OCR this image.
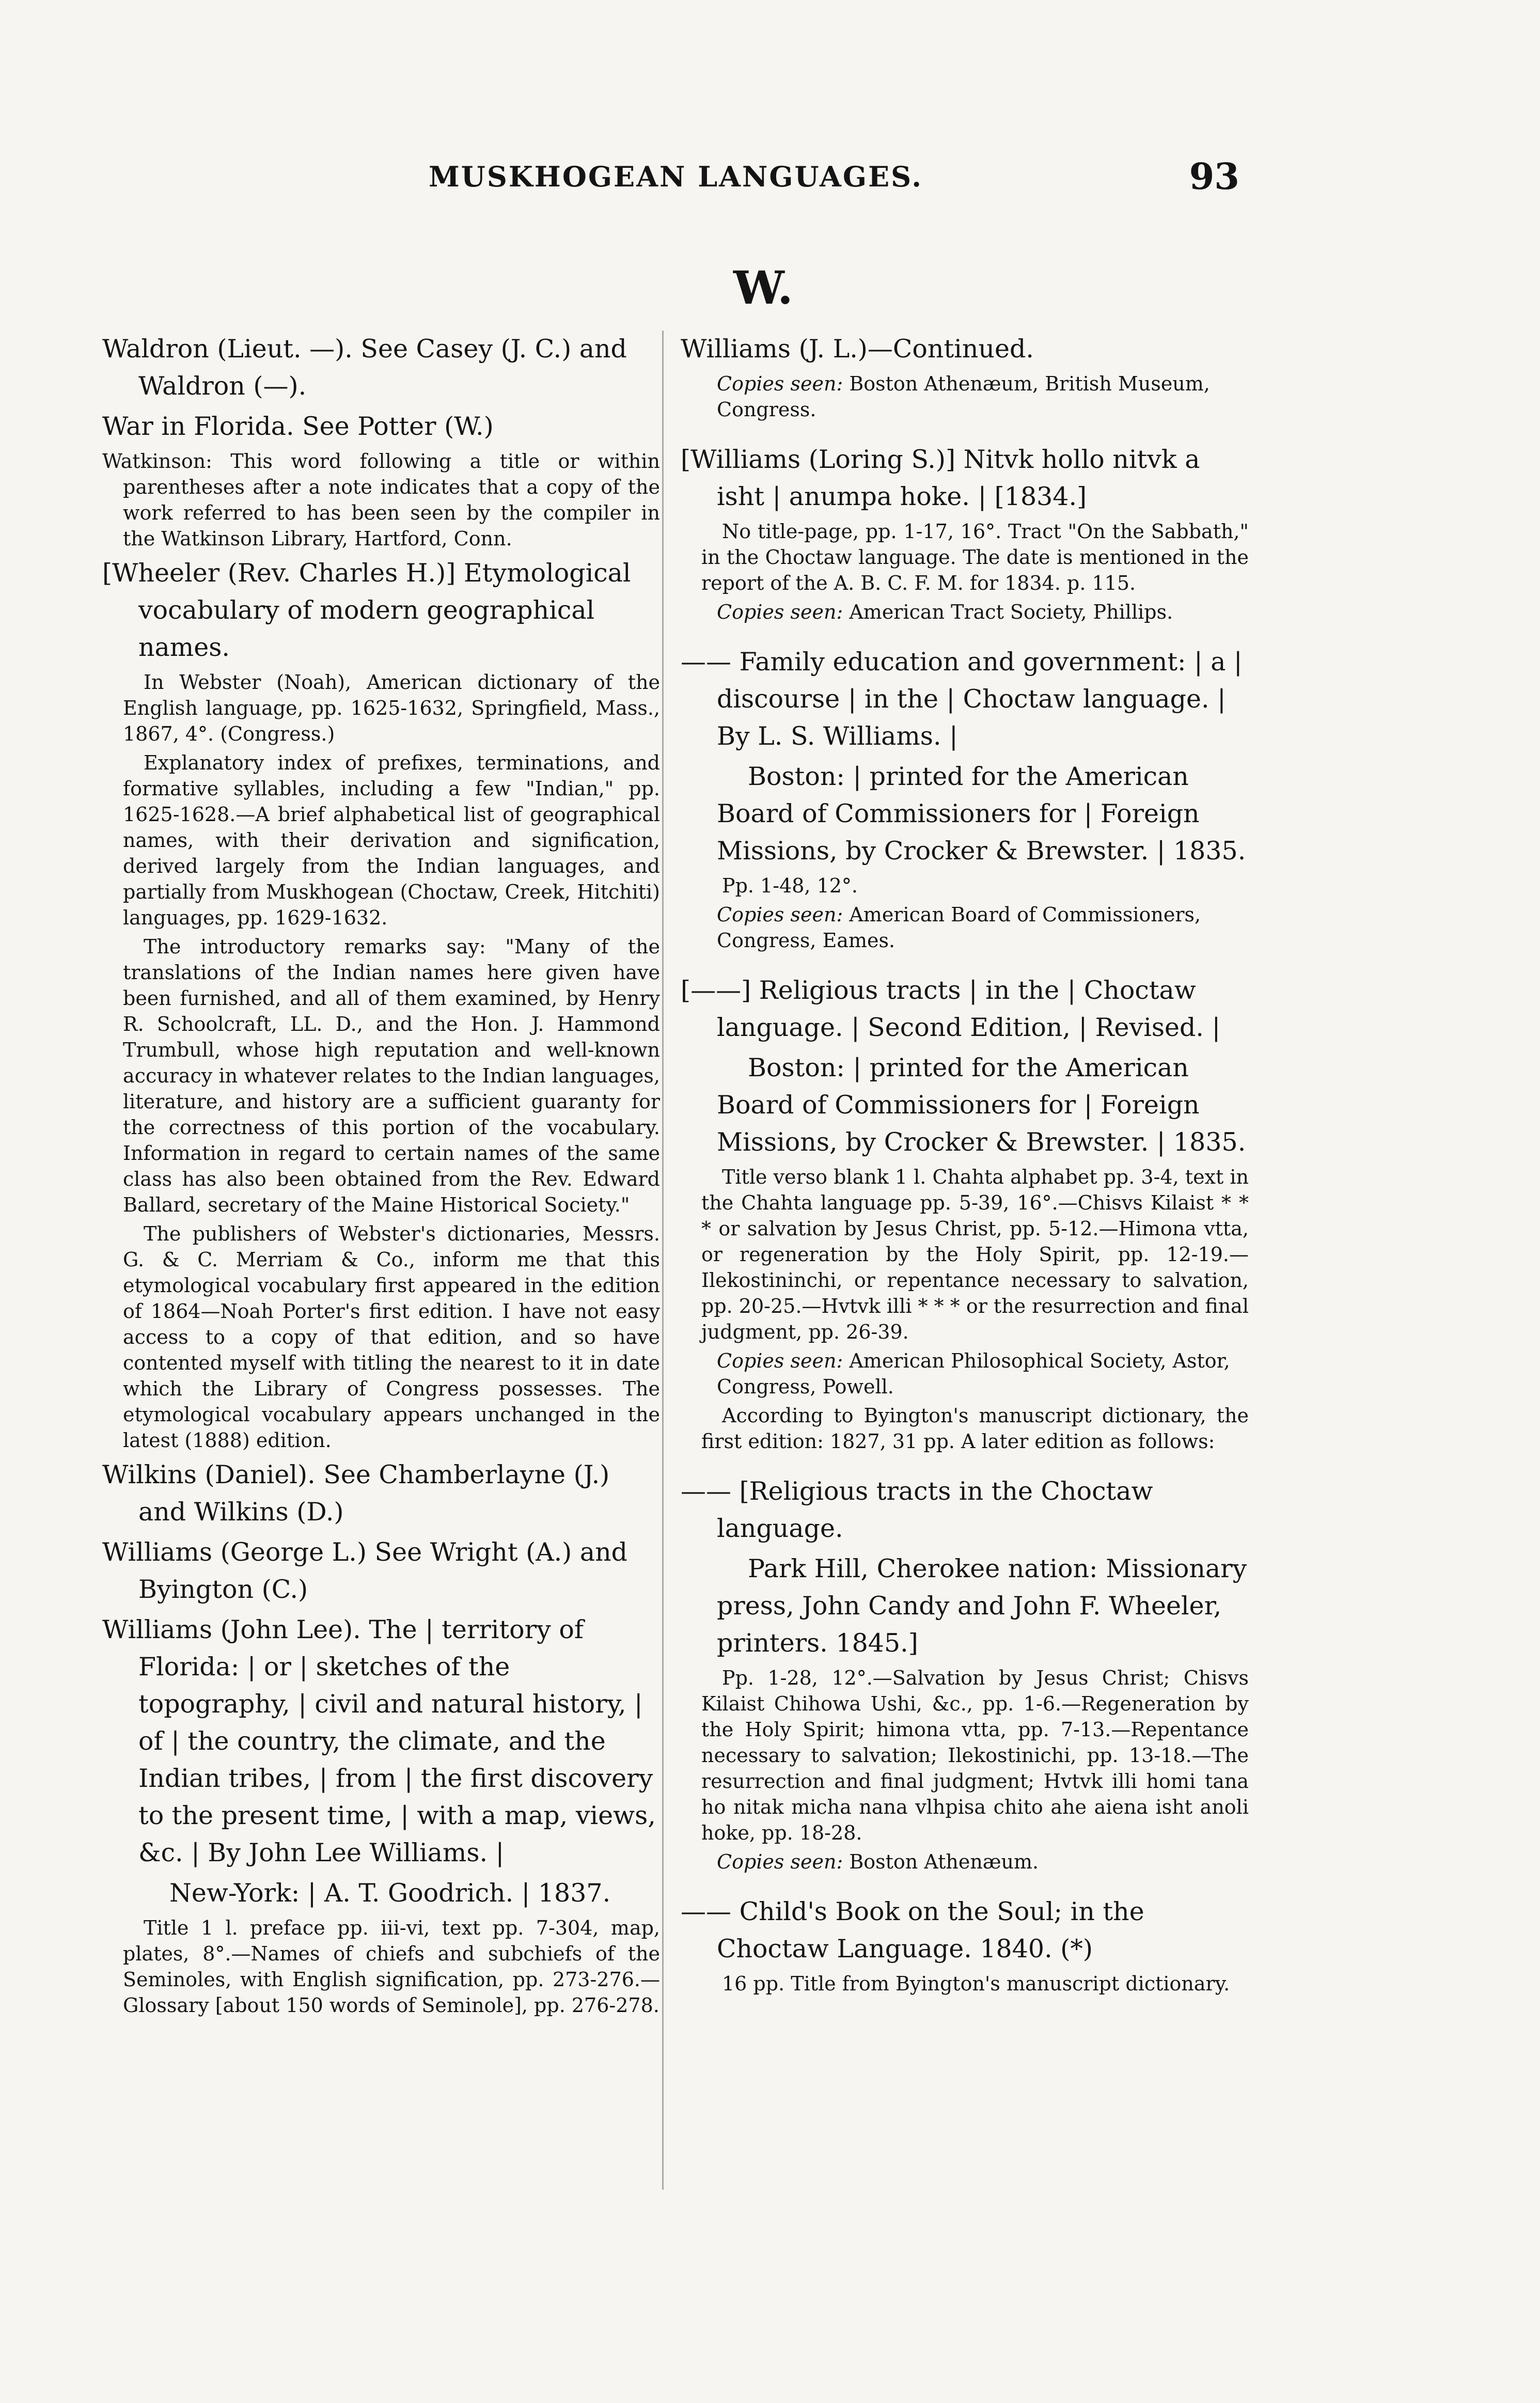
MUSKHOGEAN LANGUAGES.	93
W.
Waldron (Lieut. —). See Casey (J. C.) and Waldron (—).
War in Florida. See Potter (W.)
Watkinson: This word following a title or within parentheses after a note indicates that a copy of the work referred to has been seen by the compiler in the Watkinson Library, Hartford, Conn.
[Wheeler (Rev. Charles H.)] Etymological vocabulary of modern geographical names.
In Webster (Noah), American dictionary of the English language, pp. 1625-1632, Springfield, Mass., 1867, 4°. (Congress.)
Explanatory index of prefixes, terminations, and formative syllables, including a few "Indian," pp. 1625-1628.—A brief alphabetical list of geographical names, with their derivation and signification, derived largely from the Indian languages, and partially from Muskhogean (Choctaw, Creek, Hitchiti) languages, pp. 1629-1632.
The introductory remarks say: "Many of the translations of the Indian names here given have been furnished, and all of them examined, by Henry R. Schoolcraft, LL. D., and the Hon. J. Hammond Trumbull, whose high reputation and well-known accuracy in whatever relates to the Indian languages, literature, and history are a sufficient guaranty for the correctness of this portion of the vocabulary. Information in regard to certain names of the same class has also been obtained from the Rev. Edward Ballard, secretary of the Maine Historical Society."
The publishers of Webster's dictionaries, Messrs. G. & C. Merriam & Co., inform me that this etymological vocabulary first appeared in the edition of 1864—Noah Porter's first edition. I have not easy access to a copy of that edition, and so have contented myself with titling the nearest to it in date which the Library of Congress possesses. The etymological vocabulary appears unchanged in the latest (1888) edition.
Wilkins (Daniel). See Chamberlayne (J.) and Wilkins (D.)
Williams (George L.) See Wright (A.) and Byington (C.)
Williams (John Lee). The | territory of Florida: | or | sketches of the topography, | civil and natural history, | of | the country, the climate, and the Indian tribes, | from | the first discovery to the present time, | with a map, views, &c. | By John Lee Williams. |
New-York: | A. T. Goodrich. | 1837.
Title 1 l. preface pp. iii-vi, text pp. 7-304, map, plates, 8°.—Names of chiefs and subchiefs of the Seminoles, with English signification, pp. 273-276.—Glossary [about 150 words of Seminole], pp. 276-278.
Williams (J. L.)—Continued.
Copies seen: Boston Athenæum, British Museum, Congress.
[Williams (Loring S.)] Nitvk hollo nitvk a isht | anumpa hoke. | [1834.]
No title-page, pp. 1-17, 16°. Tract "On the Sabbath," in the Choctaw language. The date is mentioned in the report of the A. B. C. F. M. for 1834. p. 115.
Copies seen: American Tract Society, Phillips.
—— Family education and government: | a | discourse | in the | Choctaw language. | By L. S. Williams. |
Boston: | printed for the American Board of Commissioners for | Foreign Missions, by Crocker & Brewster. | 1835.
Pp. 1-48, 12°.
Copies seen: American Board of Commissioners, Congress, Eames.
[——] Religious tracts | in the | Choctaw language. | Second Edition, | Revised. |
Boston: | printed for the American Board of Commissioners for | Foreign Missions, by Crocker & Brewster. | 1835.
Title verso blank 1 l. Chahta alphabet pp. 3-4, text in the Chahta language pp. 5-39, 16°.—Chisvs Kilaist * * * or salvation by Jesus Christ, pp. 5-12.—Himona vtta, or regeneration by the Holy Spirit, pp. 12-19.—Ilekostininchi, or repentance necessary to salvation, pp. 20-25.—Hvtvk illi * * * or the resurrection and final judgment, pp. 26-39.
Copies seen: American Philosophical Society, Astor, Congress, Powell.
According to Byington's manuscript dictionary, the first edition: 1827, 31 pp. A later edition as follows:
—— [Religious tracts in the Choctaw language.
Park Hill, Cherokee nation: Missionary press, John Candy and John F. Wheeler, printers. 1845.]
Pp. 1-28, 12°.—Salvation by Jesus Christ; Chisvs Kilaist Chihowa Ushi, &c., pp. 1-6.—Regeneration by the Holy Spirit; himona vtta, pp. 7-13.—Repentance necessary to salvation; Ilekostinichi, pp. 13-18.—The resurrection and final judgment; Hvtvk illi homi tana ho nitak micha nana vlhpisa chito ahe aiena isht anoli hoke, pp. 18-28.
Copies seen: Boston Athenæum.
—— Child's Book on the Soul; in the Choctaw Language. 1840. (*)
16 pp. Title from Byington's manuscript dictionary.
